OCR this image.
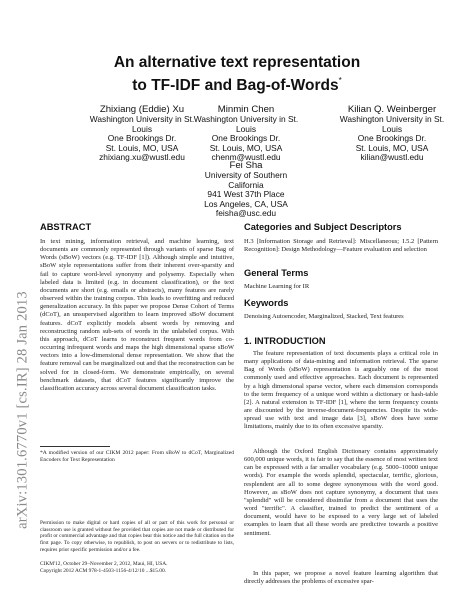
arXiv:1301.6770v1 [cs.IR] 28 Jan 2013
An alternative text representation
to TF-IDF and Bag-of-Words*
Zhixiang (Eddie) Xu
Washington University in St.
Louis
One Brookings Dr.
St. Louis, MO, USA
zhixiang.xu@wustl.edu
Minmin Chen
Washington University in St.
Louis
One Brookings Dr.
St. Louis, MO, USA
chenm@wustl.edu
Kilian Q. Weinberger
Washington University in St.
Louis
One Brookings Dr.
St. Louis, MO, USA
kilian@wustl.edu
Fei Sha
University of Southern
California
941 West 37th Place
Los Angeles, CA, USA
feisha@usc.edu
ABSTRACT
In text mining, information retrieval, and machine learning, text documents are commonly represented through variants of sparse Bag of Words (sBoW) vectors (e.g. TF-IDF [1]). Although simple and intuitive, sBoW style representations suffer from their inherent over-sparsity and fail to capture word-level synonymy and polysemy. Especially when labeled data is limited (e.g. in document classification), or the text documents are short (e.g. emails or abstracts), many features are rarely observed within the training corpus. This leads to overfitting and reduced generalization accuracy. In this paper we propose Dense Cohort of Terms (dCoT), an unsupervised algorithm to learn improved sBoW document features. dCoT explicitly models absent words by removing and reconstructing random sub-sets of words in the unlabeled corpus. With this approach, dCoT learns to reconstruct frequent words from co-occurring infrequent words and maps the high dimensional sparse sBoW vectors into a low-dimensional dense representation. We show that the feature removal can be marginalized out and that the reconstruction can be solved for in closed-form. We demonstrate empirically, on several benchmark datasets, that dCoT features significantly improve the classification accuracy across several document classification tasks.
*A modified version of our CIKM 2012 paper: From sBoW to dCoT, Marginalized Encoders for Text Representation
Permission to make digital or hard copies of all or part of this work for personal or classroom use is granted without fee provided that copies are not made or distributed for profit or commercial advantage and that copies bear this notice and the full citation on the first page. To copy otherwise, to republish, to post on servers or to redistribute to lists, requires prior specific permission and/or a fee.
CIKM'12, October 29–November 2, 2012, Maui, HI, USA.
Copyright 2012 ACM 978-1-4503-1156-4/12/10 ...$15.00.
Categories and Subject Descriptors
H.3 [Information Storage and Retrieval]: Miscellaneous; I.5.2 [Pattern Recognition]: Design Methodology—Feature evaluation and selection
General Terms
Machine Learning for IR
Keywords
Denoising Autoencoder, Marginalized, Stacked, Text features
1. INTRODUCTION
The feature representation of text documents plays a critical role in many applications of data-mining and information retrieval. The sparse Bag of Words (sBoW) representation is arguably one of the most commonly used and effective approaches. Each document is represented by a high dimensional sparse vector, where each dimension corresponds to the term frequency of a unique word within a dictionary or hash-table [2]. A natural extension is TF-IDF [1], where the term frequency counts are discounted by the inverse-document-frequencies. Despite its wide-spread use with text and image data [3], sBoW does have some limitations, mainly due to its often excessive sparsity.
Although the Oxford English Dictionary contains approximately 600,000 unique words, it is fair to say that the essence of most written text can be expressed with a far smaller vocabulary (e.g. 5000–10000 unique words). For example the words splendid, spectacular, terrific, glorious, resplendent are all to some degree synonymous with the word good. However, as sBoW does not capture synonymy, a document that uses "splendid" will be considered dissimilar from a document that uses the word "terrific". A classifier, trained to predict the sentiment of a document, would have to be exposed to a very large set of labeled examples to learn that all these words are predictive towards a positive sentiment.
In this paper, we propose a novel feature learning algorithm that directly addresses the problems of excessive spar-
